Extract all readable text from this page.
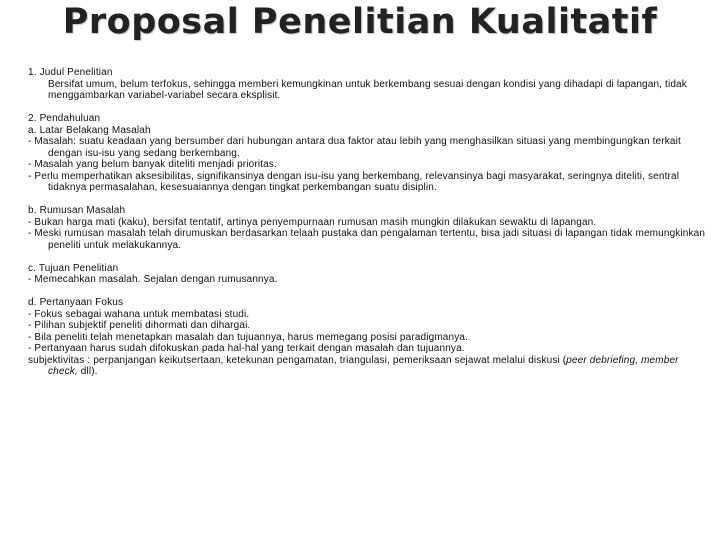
Proposal Penelitian Kualitatif

1. Judul Penelitian

Bersifat umum, belum terfokus, sehingga memberi kemungkinan untuk berkembang sesuai dengan kondisi yang dihadapi di lapangan, tidak menggambarkan variabel-variabel secara eksplisit.

2. Pendahuluan

a. Latar Belakang Masalah

- Masalah: suatu keadaan yang bersumber dari hubungan antara dua faktor atau lebih yang menghasilkan situasi yang membingungkan terkait dengan isu-isu yang sedang berkembang.

- Masalah yang belum banyak diteliti menjadi prioritas.

- Perlu memperhatikan aksesibilitas, signifikansinya dengan isu-isu yang berkembang, relevansinya bagi masyarakat, seringnya diteliti, sentral tidaknya permasalahan, kesesuaiannya dengan tingkat perkembangan suatu disiplin.

b. Rumusan Masalah

- Bukan harga mati (kaku), bersifat tentatif, artinya penyempurnaan rumusan masih mungkin dilakukan sewaktu di lapangan.

- Meski rumusan masalah telah dirumuskan berdasarkan telaah pustaka dan pengalaman tertentu, bisa jadi situasi di lapangan tidak memungkinkan peneliti untuk melakukannya.

c. Tujuan Penelitian

- Memecahkan masalah. Sejalan dengan rumusannya.

d. Pertanyaan Fokus

- Fokus sebagai wahana untuk membatasi studi.

- Pilihan subjektif peneliti dihormati dan dihargai.

- Bila peneliti telah menetapkan masalah dan tujuannya, harus memegang posisi paradigmanya.

- Pertanyaan harus sudah difokuskan pada hal-hal yang terkait dengan masalah dan tujuannya.

subjektivitas : perpanjangan keikutsertaan, ketekunan pengamatan, triangulasi, pemeriksaan sejawat melalui diskusi (peer debriefing, member check, dll).
